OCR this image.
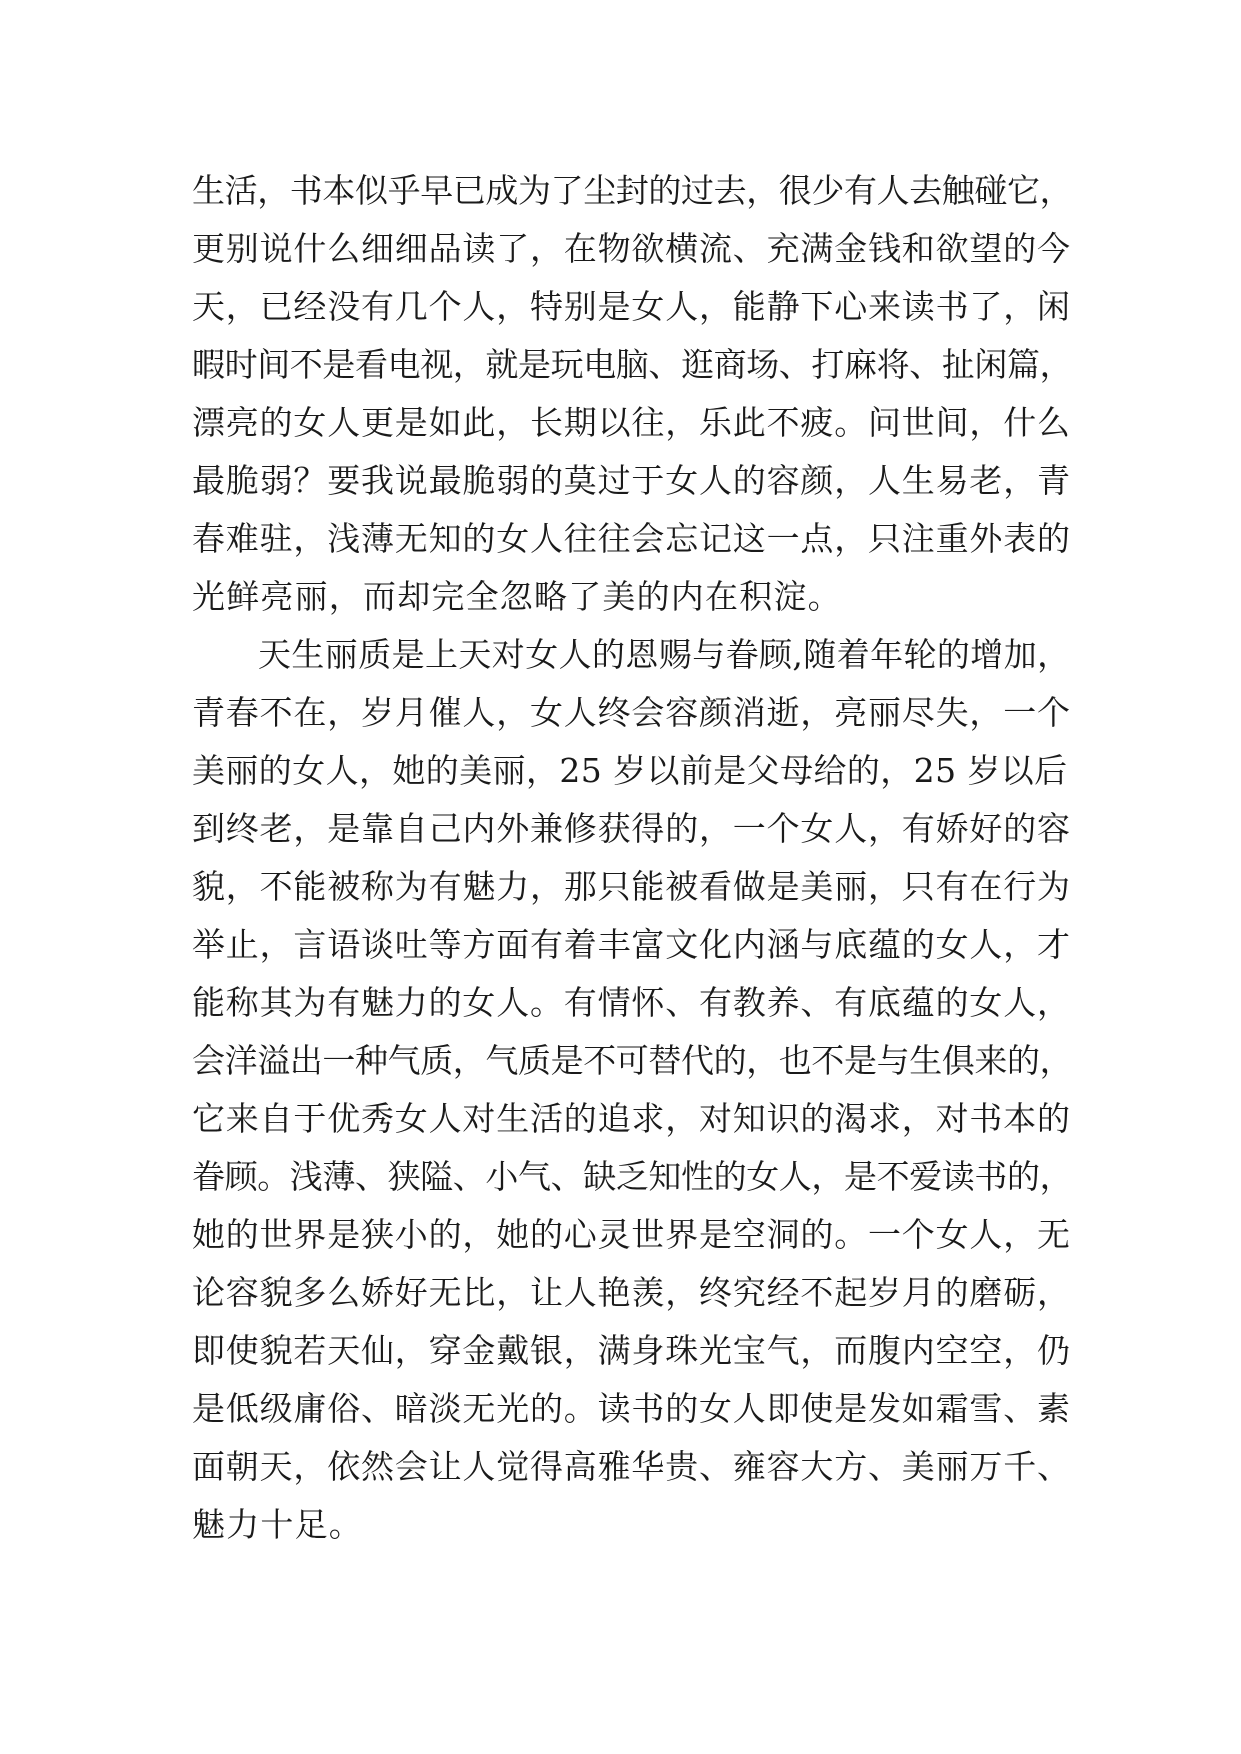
生活，书本似乎早已成为了尘封的过去，很少有人去触碰它，
更别说什么细细品读了，在物欲横流、充满金钱和欲望的今
天，已经没有几个人，特别是女人，能静下心来读书了，闲
暇时间不是看电视，就是玩电脑、逛商场、打麻将、扯闲篇，
漂亮的女人更是如此，长期以往，乐此不疲。问世间，什么
最脆弱？要我说最脆弱的莫过于女人的容颜，人生易老，青
春难驻，浅薄无知的女人往往会忘记这一点，只注重外表的
光鲜亮丽，而却完全忽略了美的内在积淀。
天生丽质是上天对女人的恩赐与眷顾,随着年轮的增加，
青春不在，岁月催人，女人终会容颜消逝，亮丽尽失，一个
美丽的女人，她的美丽，25 岁以前是父母给的，25 岁以后
到终老，是靠自己内外兼修获得的，一个女人，有娇好的容
貌，不能被称为有魅力，那只能被看做是美丽，只有在行为
举止，言语谈吐等方面有着丰富文化内涵与底蕴的女人，才
能称其为有魅力的女人。有情怀、有教养、有底蕴的女人，
会洋溢出一种气质，气质是不可替代的，也不是与生俱来的，
它来自于优秀女人对生活的追求，对知识的渴求，对书本的
眷顾。浅薄、狭隘、小气、缺乏知性的女人，是不爱读书的，
她的世界是狭小的，她的心灵世界是空洞的。一个女人，无
论容貌多么娇好无比，让人艳羡，终究经不起岁月的磨砺，
即使貌若天仙，穿金戴银，满身珠光宝气，而腹内空空，仍
是低级庸俗、暗淡无光的。读书的女人即使是发如霜雪、素
面朝天，依然会让人觉得高雅华贵、雍容大方、美丽万千、
魅力十足。
